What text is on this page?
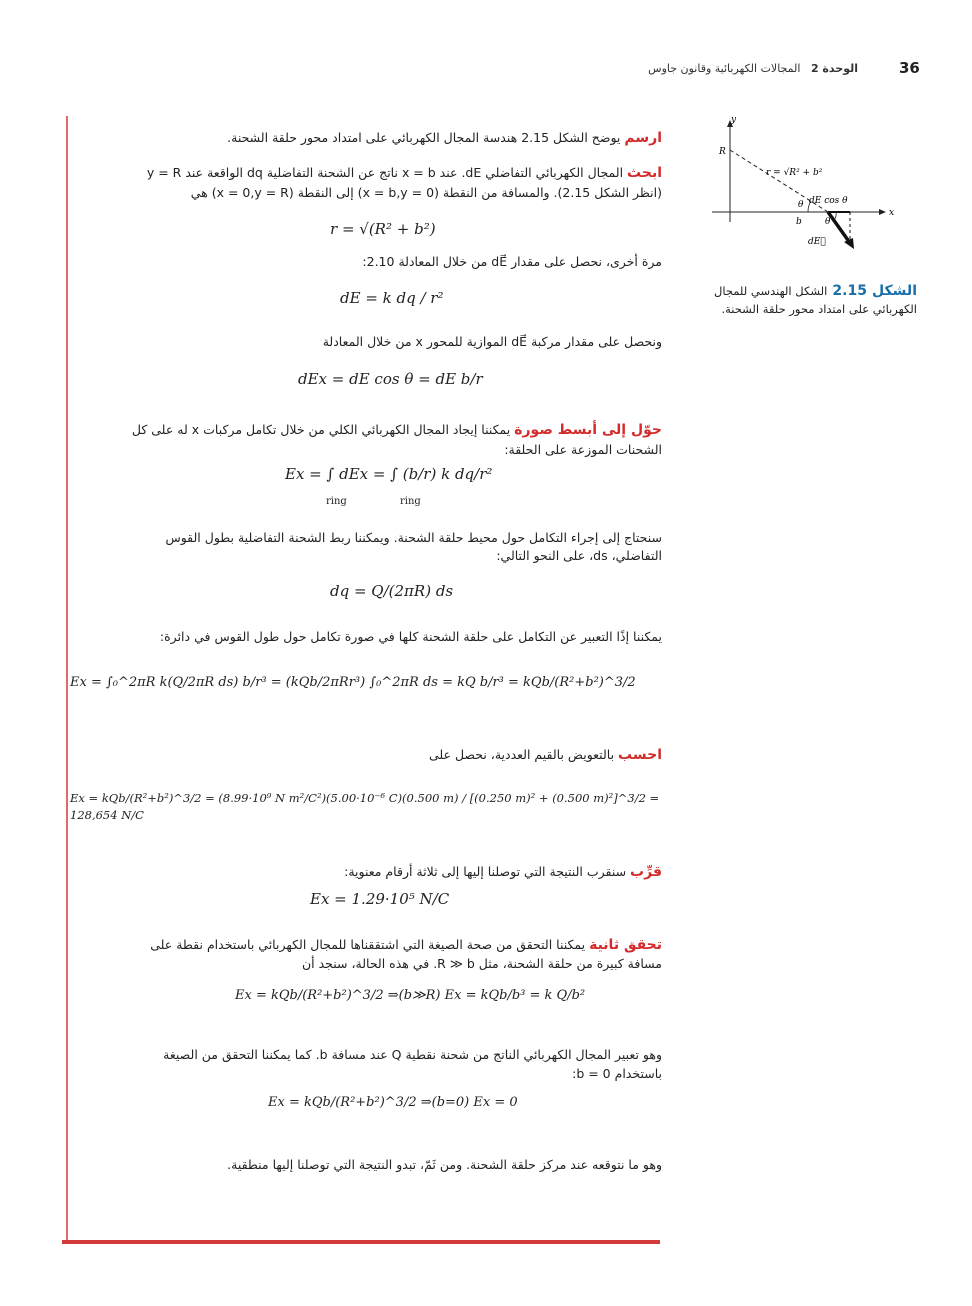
36
الوحدة 2   المجالات الكهربائية وقانون جاوس
y
x
R
r = √R² + b²
dE cos θ
θ
θ
b
dE⃗
الشكل 2.15 الشكل الهندسي للمجال
الكهربائي على امتداد محور حلقة الشحنة.
ارسم يوضح الشكل 2.15 هندسة المجال الكهربائي على امتداد محور حلقة الشحنة.
ابحث المجال الكهربائي التفاضلي dE. عند x = b ناتج عن الشحنة التفاضلية dq الواقعة عند y = R
(انظر الشكل 2.15). والمسافة من النقطة (x = b,y = 0) إلى النقطة (x = 0,y = R) هي
r = √(R² + b²)
مرة أخرى، نحصل على مقدار dE⃗ من خلال المعادلة 2.10:
dE = k dq / r²
ونحصل على مقدار مركبة dE⃗ الموازية للمحور x من خلال المعادلة
dEx = dE cos θ = dE b/r
حوّل إلى أبسط صورة يمكننا إيجاد المجال الكهربائي الكلي من خلال تكامل مركبات x له على كل
الشحنات الموزعة على الحلقة:
Ex = ∫ dEx = ∫ (b/r) k dq/r²
ring	ring
سنحتاج إلى إجراء التكامل حول محيط حلقة الشحنة. ويمكننا ربط الشحنة التفاضلية بطول القوس
التفاضلي، ds، على النحو التالي:
dq = Q/(2πR) ds
يمكننا إذًا التعبير عن التكامل على حلقة الشحنة كلها في صورة تكامل حول طول القوس في دائرة:
Ex = ∫₀^2πR k(Q/2πR ds) b/r³ = (kQb/2πRr³) ∫₀^2πR ds = kQ b/r³ = kQb/(R²+b²)^3/2
احسب بالتعويض بالقيم العددية، نحصل على
Ex = kQb/(R²+b²)^3/2 = (8.99·10⁹ N m²/C²)(5.00·10⁻⁶ C)(0.500 m) / [(0.250 m)² + (0.500 m)²]^3/2 = 128,654 N/C
قرِّب سنقرب النتيجة التي توصلنا إليها إلى ثلاثة أرقام معنوية:
Ex = 1.29·10⁵ N/C
تحقق ثانية يمكننا التحقق من صحة الصيغة التي اشتققناها للمجال الكهربائي باستخدام نقطة على
مسافة كبيرة من حلقة الشحنة، مثل R ≫ b. في هذه الحالة، سنجد أن
Ex = kQb/(R²+b²)^3/2 ⇒(b≫R) Ex = kQb/b³ = k Q/b²
وهو تعبير المجال الكهربائي الناتج من شحنة نقطية Q عند مسافة b. كما يمكننا التحقق من الصيغة
باستخدام b = 0:
Ex = kQb/(R²+b²)^3/2 ⇒(b=0) Ex = 0
وهو ما نتوقعه عند مركز حلقة الشحنة. ومن ثَمّ، تبدو النتيجة التي توصلنا إليها منطقية.
